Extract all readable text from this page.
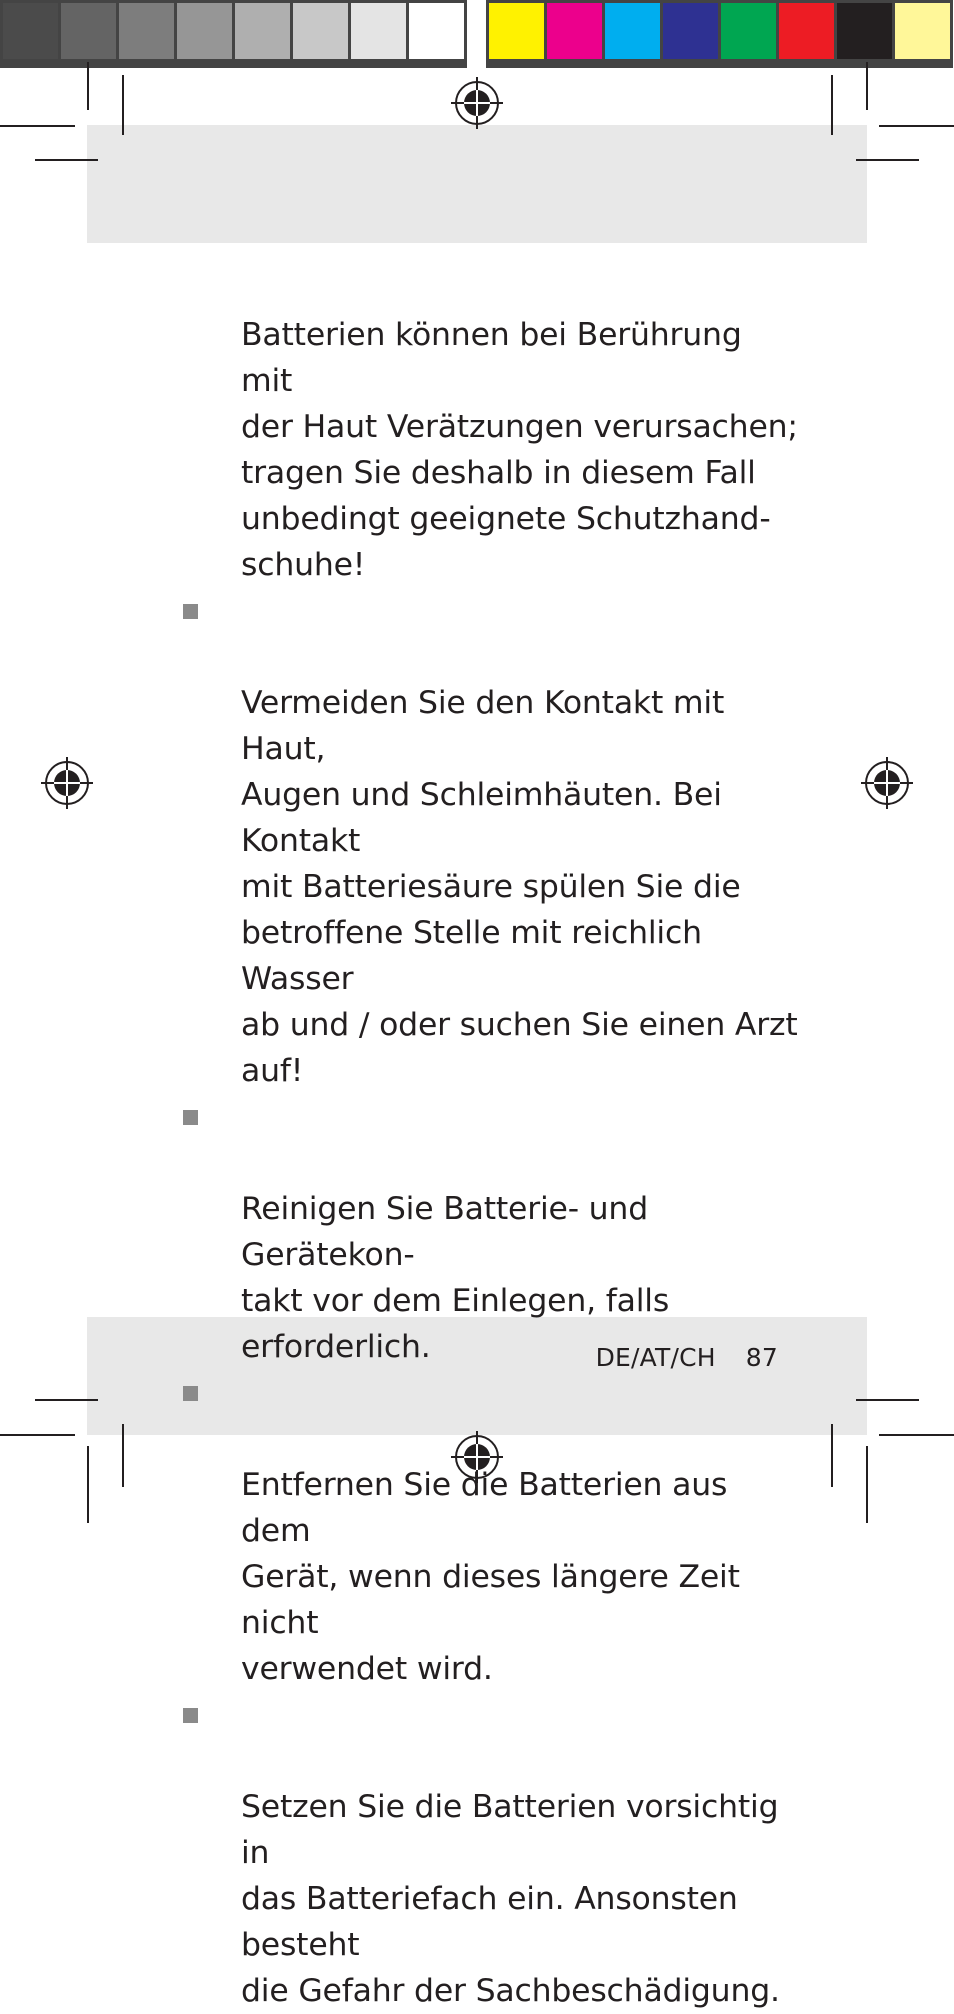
Batterien können bei Berührung mit
der Haut Verätzungen verursachen;
tragen Sie deshalb in diesem Fall
unbedingt geeignete Schutzhand-
schuhe!

Vermeiden Sie den Kontakt mit Haut,
Augen und Schleimhäuten. Bei Kontakt
mit Batteriesäure spülen Sie die
betroffene Stelle mit reichlich Wasser
ab und / oder suchen Sie einen Arzt
auf!

Reinigen Sie Batterie- und Gerätekon-
takt vor dem Einlegen, falls erforderlich.

Entfernen Sie die Batterien aus dem
Gerät, wenn dieses längere Zeit nicht
verwendet wird.

Setzen Sie die Batterien vorsichtig in
das Batteriefach ein. Ansonsten besteht
die Gefahr der Sachbeschädigung.

DE/AT/CH 87
